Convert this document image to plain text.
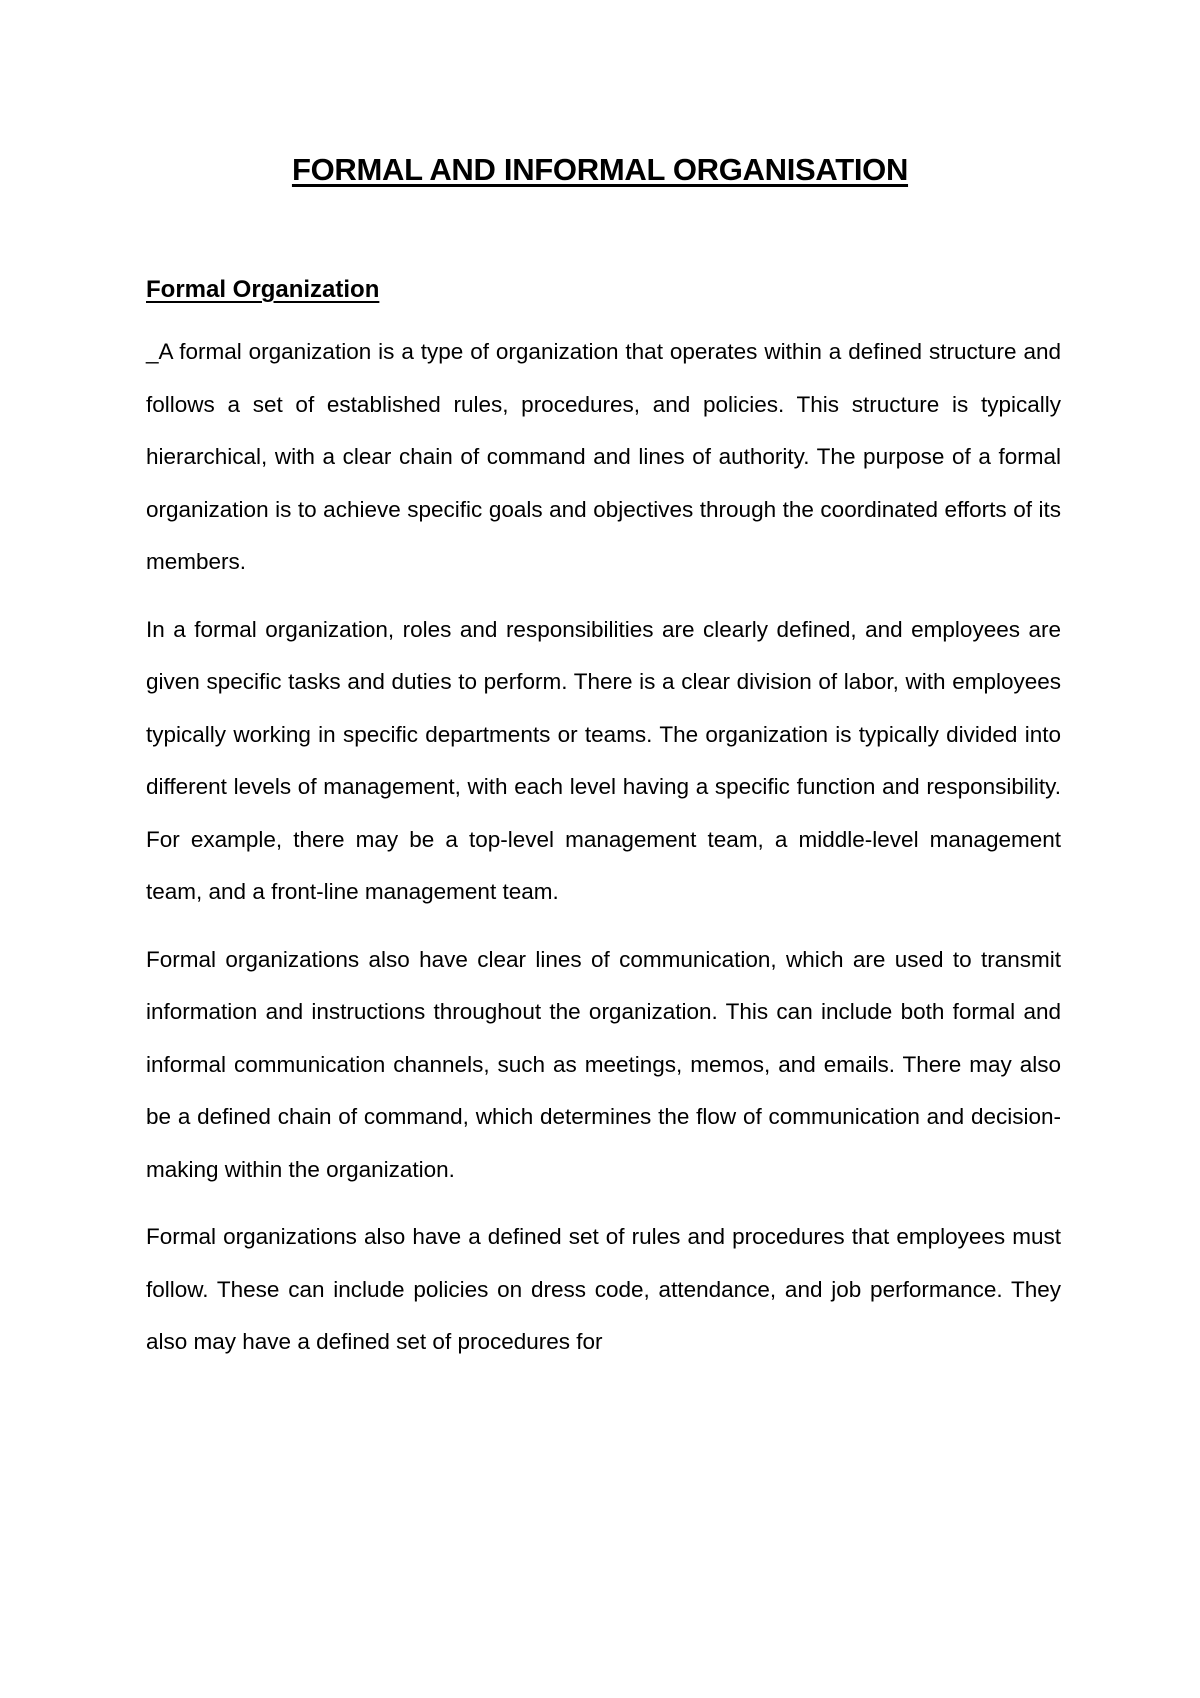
FORMAL AND INFORMAL ORGANISATION
Formal Organization

_A formal organization is a type of organization that operates within a defined structure and follows a set of established rules, procedures, and policies. This structure is typically hierarchical, with a clear chain of command and lines of authority. The purpose of a formal organization is to achieve specific goals and objectives through the coordinated efforts of its members.

In a formal organization, roles and responsibilities are clearly defined, and employees are given specific tasks and duties to perform. There is a clear division of labor, with employees typically working in specific departments or teams. The organization is typically divided into different levels of management, with each level having a specific function and responsibility. For example, there may be a top-level management team, a middle-level management team, and a front-line management team.

Formal organizations also have clear lines of communication, which are used to transmit information and instructions throughout the organization. This can include both formal and informal communication channels, such as meetings, memos, and emails. There may also be a defined chain of command, which determines the flow of communication and decision-making within the organization.

Formal organizations also have a defined set of rules and procedures that employees must follow. These can include policies on dress code, attendance, and job performance. They also may have a defined set of procedures for
